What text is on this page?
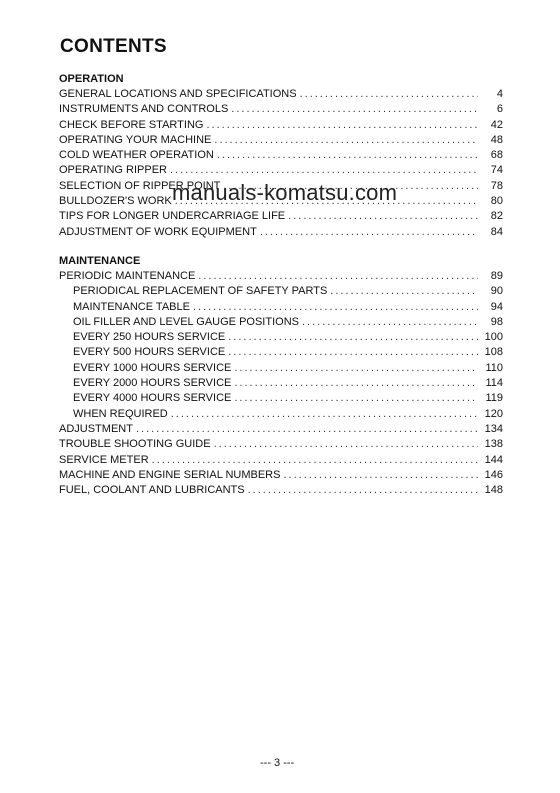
CONTENTS
OPERATION
GENERAL LOCATIONS AND SPECIFICATIONS .....	4
INSTRUMENTS AND CONTROLS .....	6
CHECK BEFORE STARTING .....	42
OPERATING YOUR MACHINE .....	48
COLD WEATHER OPERATION .....	68
OPERATING RIPPER .....	74
SELECTION OF RIPPER POINT .....	78
BULLDOZER'S WORK .....	80
TIPS FOR LONGER UNDERCARRIAGE LIFE .....	82
ADJUSTMENT OF WORK EQUIPMENT .....	84
MAINTENANCE
PERIODIC MAINTENANCE .....	89
PERIODICAL REPLACEMENT OF SAFETY PARTS .....	90
MAINTENANCE TABLE .....	94
OIL FILLER AND LEVEL GAUGE POSITIONS .....	98
EVERY 250 HOURS SERVICE .....	100
EVERY 500 HOURS SERVICE .....	108
EVERY 1000 HOURS SERVICE .....	110
EVERY 2000 HOURS SERVICE .....	114
EVERY 4000 HOURS SERVICE .....	119
WHEN REQUIRED .....	120
ADJUSTMENT .....	134
TROUBLE SHOOTING GUIDE .....	138
SERVICE METER .....	144
MACHINE AND ENGINE SERIAL NUMBERS .....	146
FUEL, COOLANT AND LUBRICANTS .....	148
manuals-komatsu.com
--- 3 ---
